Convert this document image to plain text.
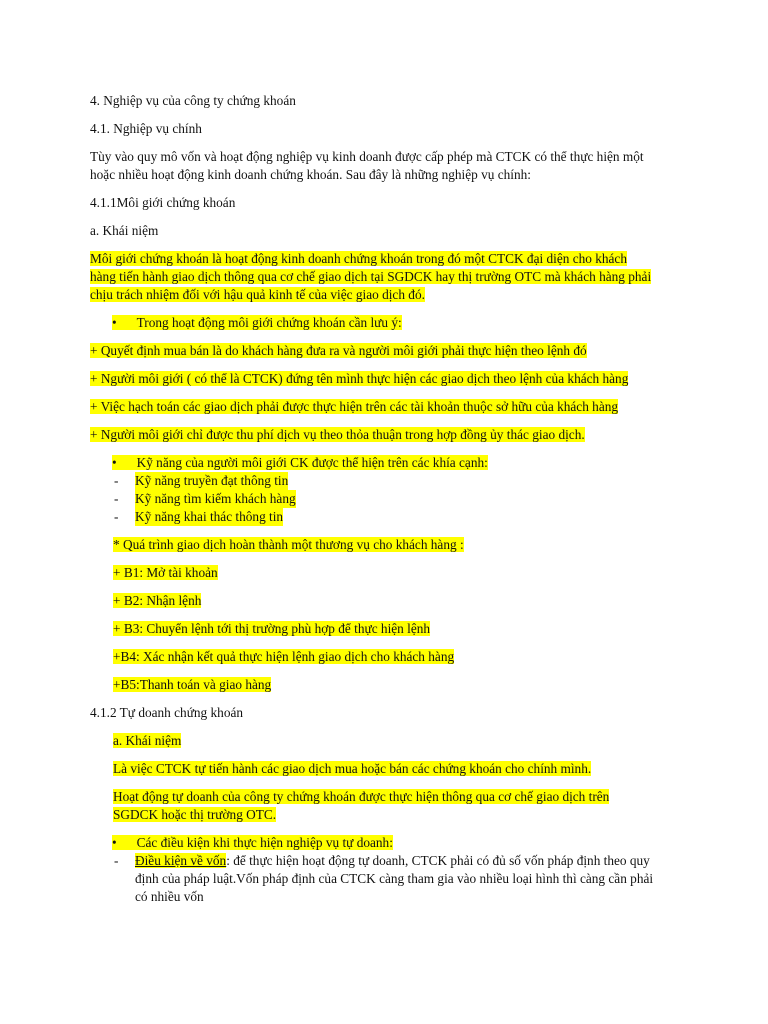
4. Nghiệp vụ của công ty chứng khoán
4.1. Nghiệp vụ chính
Tùy vào quy mô vốn và hoạt động nghiệp vụ kinh doanh được cấp phép mà CTCK có thể thực hiện một
hoặc nhiều hoạt động kinh doanh chứng khoán. Sau đây là những nghiệp vụ chính:
4.1.1Môi giới chứng khoán
a. Khái niệm
Môi giới chứng khoán là hoạt động kinh doanh chứng khoán trong đó một CTCK đại diện cho khách
hàng tiến hành giao dịch thông qua cơ chế giao dịch tại SGDCK hay thị trường OTC mà khách hàng phải
chịu trách nhiệm đối với hậu quả kinh tế của việc giao dịch đó.
• Trong hoạt động môi giới chứng khoán cần lưu ý:
+ Quyết định mua bán là do khách hàng đưa ra và người môi giới phải thực hiện theo lệnh đó
+ Người môi giới ( có thể là CTCK) đứng tên mình thực hiện các giao dịch theo lệnh của khách hàng
+ Việc hạch toán các giao dịch phải được thực hiện trên các tài khoản thuộc sở hữu của khách hàng
+ Người môi giới chỉ được thu phí dịch vụ theo thỏa thuận trong hợp đồng ủy thác giao dịch.
• Kỹ năng của người môi giới CK được thể hiện trên các khía cạnh:
- Kỹ năng truyền đạt thông tin
- Kỹ năng tìm kiếm khách hàng
- Kỹ năng khai thác thông tin
* Quá trình giao dịch hoàn thành một thương vụ cho khách hàng :
+ B1: Mở tài khoản
+ B2: Nhận lệnh
+ B3: Chuyển lệnh tới thị trường phù hợp để thực hiện lệnh
+B4: Xác nhận kết quả thực hiện lệnh giao dịch cho khách hàng
+B5:Thanh toán và giao hàng
4.1.2 Tự doanh chứng khoán
a. Khái niệm
Là việc CTCK tự tiến hành các giao dịch mua hoặc bán các chứng khoán cho chính mình.
Hoạt động tự doanh của công ty chứng khoán được thực hiện thông qua cơ chế giao dịch trên
SGDCK hoặc thị trường OTC.
• Các điều kiện khi thực hiện nghiệp vụ tự doanh:
- Điều kiện về vốn: để thực hiện hoạt động tự doanh, CTCK phải có đủ số vốn pháp định theo quy
định của pháp luật.Vốn pháp định của CTCK càng tham gia vào nhiều loại hình thì càng cần phải
có nhiều vốn
